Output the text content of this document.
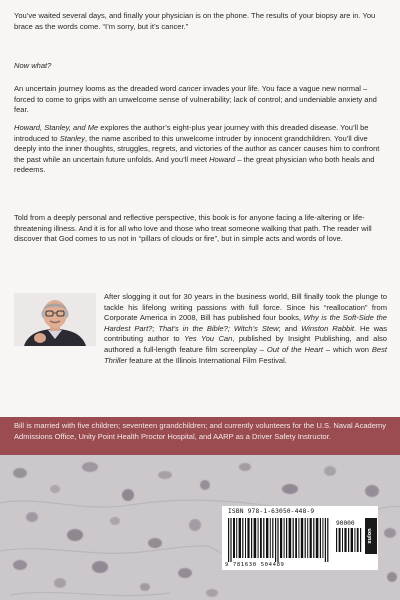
You’ve waited several days, and finally your physician is on the phone. The results of your biopsy are in. You brace as the words come. “I’m sorry, but it’s cancer.”
Now what?
An uncertain journey looms as the dreaded word cancer invades your life. You face a vague new normal – forced to come to grips with an unwelcome sense of vulnerability; lack of control; and undeniable anxiety and fear.
Howard, Stanley, and Me explores the author’s eight-plus year journey with this dreaded disease. You’ll be introduced to Stanley, the name ascribed to this unwelcome intruder by innocent grandchildren. You’ll dive deeply into the inner thoughts, struggles, regrets, and victories of the author as cancer causes him to confront the past while an uncertain future unfolds. And you’ll meet Howard – the great physician who both heals and redeems.
Told from a deeply personal and reflective perspective, this book is for anyone facing a life-altering or life-threatening illness. And it is for all who love and those who treat someone walking that path. The reader will discover that God comes to us not in “pillars of clouds or fire”, but in simple acts and words of love.
After slogging it out for 30 years in the business world, Bill finally took the plunge to tackle his lifelong writing passions with full force. Since his “reallocation” from Corporate America in 2008, Bill has published four books, Why is the Soft-Side the Hardest Part?; That’s in the Bible?; Witch’s Stew; and Winston Rabbit. He was contributing author to Yes You Can, published by Insight Publishing, and also authored a full-length feature film screenplay – Out of the Heart – which won Best Thriller feature at the Illinois International Film Festival.
Bill is married with five children; seventeen grandchildren; and currently volunteers for the U.S. Naval Academy Admissions Office, Unity Point Health Proctor Hospital, and AARP as a Driver Safety Instructor.
ISBN 978-1-63050-448-9
90000
xulon
9 781630 504489
